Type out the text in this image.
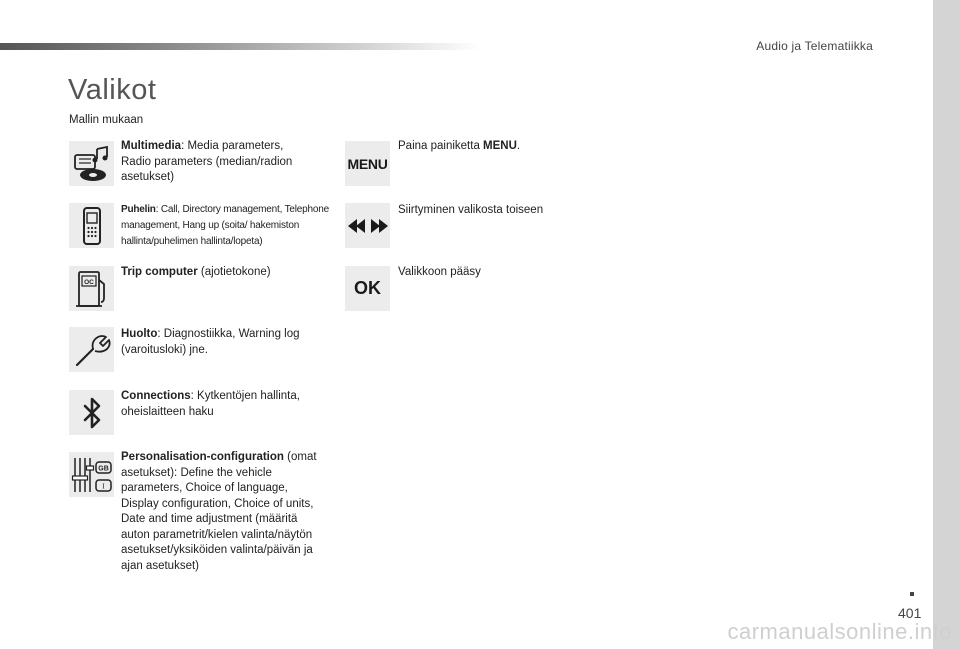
Audio ja Telematiikka
Valikot
Mallin mukaan
Multimedia: Media parameters, Radio parameters (median/radion asetukset)
Puhelin: Call, Directory management, Telephone management, Hang up (soita/ hakemiston hallinta/puhelimen hallinta/lopeta)
OC
Trip computer (ajotietokone)
Huolto: Diagnostiikka, Warning log (varoitusloki) jne.
Connections: Kytkentöjen hallinta, oheislaitteen haku
GB
I
Personalisation-configuration (omat asetukset): Define the vehicle parameters, Choice of language, Display configuration, Choice of units, Date and time adjustment (määritä auton parametrit/kielen valinta/näytön asetukset/yksiköiden valinta/päivän ja ajan asetukset)
MENU
Paina painiketta MENU.
Siirtyminen valikosta toiseen
OK
Valikkoon pääsy
401
carmanualsonline.info
